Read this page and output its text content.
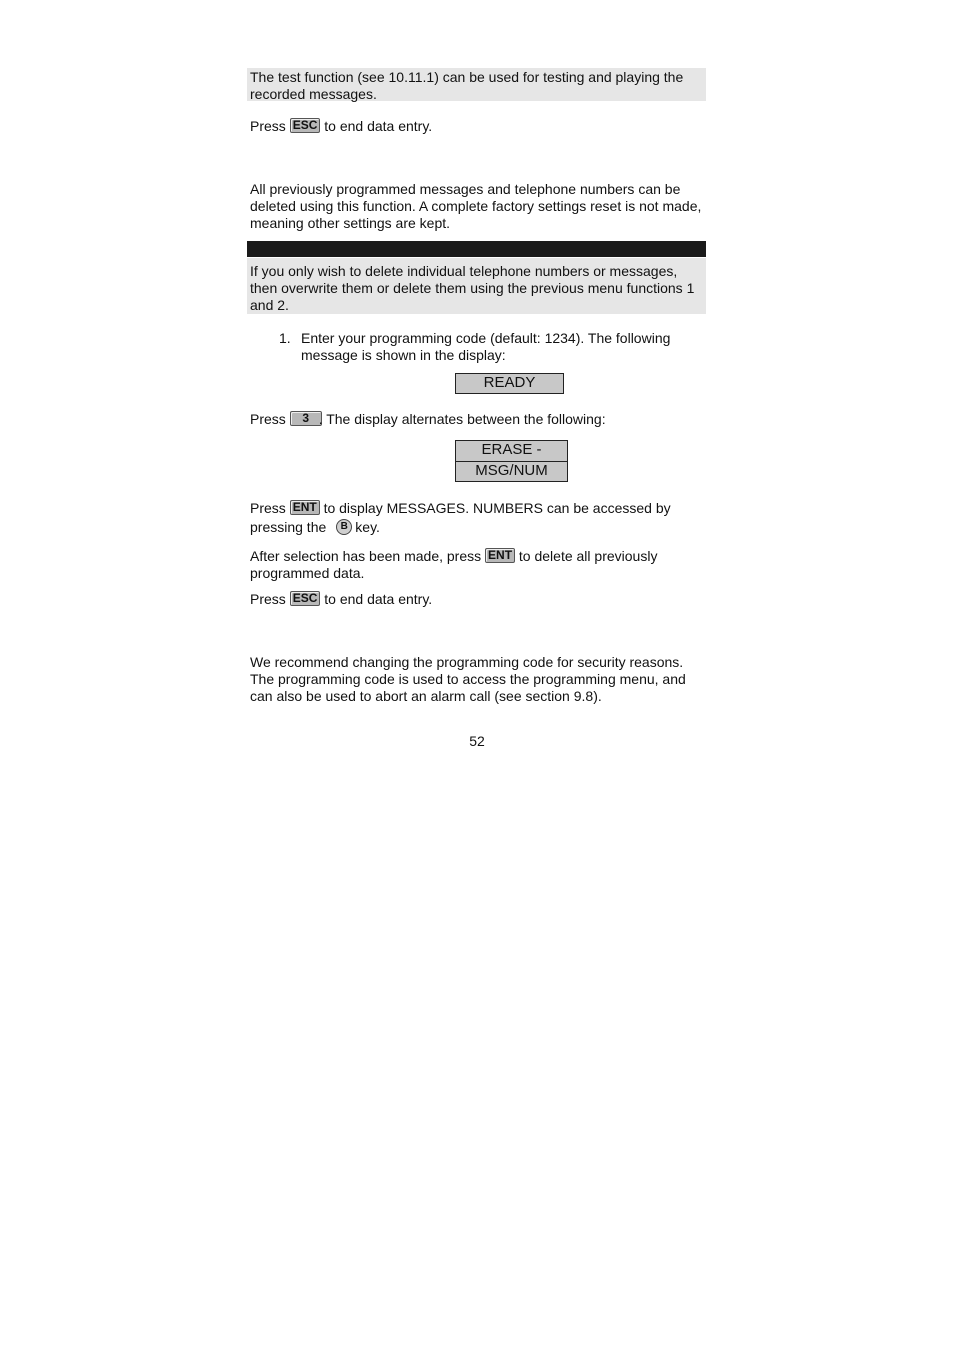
The test function (see 10.11.1) can be used for testing and playing the recorded messages.
Press ESC to end data entry.
All previously programmed messages and telephone numbers can be deleted using this function. A complete factory settings reset is not made, meaning other settings are kept.
If you only wish to delete individual telephone numbers or messages, then overwrite them or delete them using the previous menu functions 1 and 2.
1. Enter your programming code (default: 1234). The following message is shown in the display:
READY
Press 3 . The display alternates between the following:
ERASE -
MSG/NUM
Press ENT to display MESSAGES. NUMBERS can be accessed by pressing the B key.
After selection has been made, press ENT to delete all previously programmed data.
Press ESC to end data entry.
We recommend changing the programming code for security reasons. The programming code is used to access the programming menu, and can also be used to abort an alarm call (see section 9.8).
52
